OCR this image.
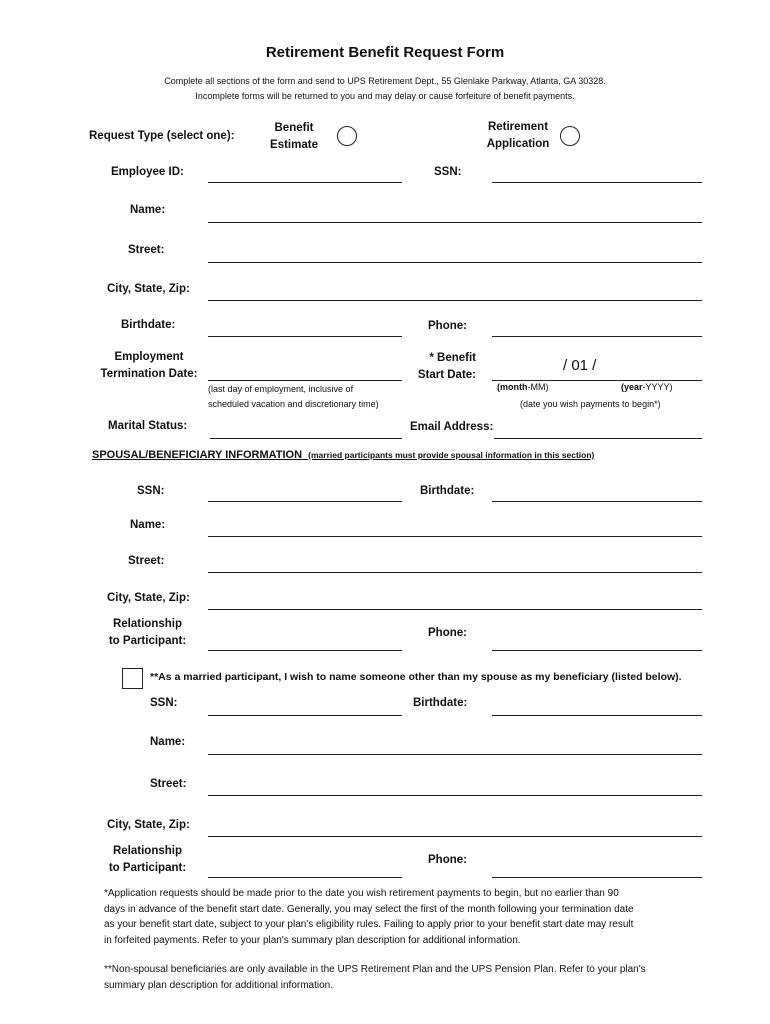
Retirement Benefit Request Form
Complete all sections of the form and send to UPS Retirement Dept., 55 Glenlake Parkway, Atlanta, GA 30328.
Incomplete forms will be returned to you and may delay or cause forfeiture of benefit payments.
Request Type (select one):
Benefit
Estimate
Retirement
Application
Employee ID:	SSN:
Name:
Street:
City, State, Zip:
Birthdate:	Phone:
Employment
Termination Date:
(last day of employment, inclusive of
scheduled vacation and discretionary time)
* Benefit
Start Date:
/ 01 /
(month-MM)	(year-YYYY)
(date you wish payments to begin*)
Marital Status:	Email Address:
SPOUSAL/BENEFICIARY INFORMATION (married participants must provide spousal information in this section)
SSN:	Birthdate:
Name:
Street:
City, State, Zip:
Relationship
to Participant:
Phone:
**As a married participant, I wish to name someone other than my spouse as my beneficiary (listed below).
SSN:	Birthdate:
Name:
Street:
City, State, Zip:
Relationship
to Participant:
Phone:
*Application requests should be made prior to the date you wish retirement payments to begin, but no earlier than 90
days in advance of the benefit start date. Generally, you may select the first of the month following your termination date
as your benefit start date, subject to your plan's eligibility rules. Failing to apply prior to your benefit start date may result
in forfeited payments. Refer to your plan's summary plan description for additional information.
**Non-spousal beneficiaries are only available in the UPS Retirement Plan and the UPS Pension Plan. Refer to your plan's
summary plan description for additional information.
